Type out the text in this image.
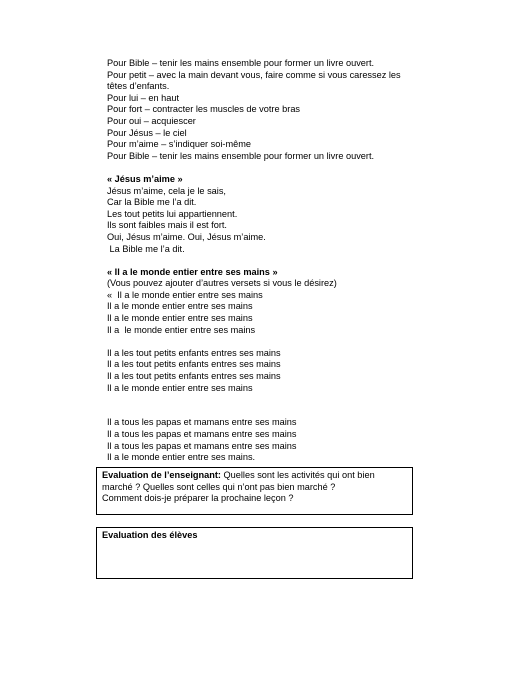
Pour Bible – tenir les mains ensemble pour former un livre ouvert.
Pour petit – avec la main devant vous, faire comme si vous caressez les têtes d’enfants.
Pour lui – en haut
Pour fort – contracter les muscles de votre bras
Pour oui – acquiescer
Pour Jésus – le ciel
Pour m’aime – s’indiquer soi-même
Pour Bible – tenir les mains ensemble pour former un livre ouvert.
« Jésus m’aime »
Jésus m’aime, cela je le sais,
Car la Bible me l’a dit.
Les tout petits lui appartiennent.
Ils sont faibles mais il est fort.
Oui, Jésus m’aime. Oui, Jésus m’aime.
La Bible me l’a dit.
« Il a le monde entier entre ses mains »
(Vous pouvez ajouter d’autres versets si vous le désirez)
«  Il a le monde entier entre ses mains
Il a le monde entier entre ses mains
Il a le monde entier entre ses mains
Il a  le monde entier entre ses mains
Il a les tout petits enfants entres ses mains
Il a les tout petits enfants entres ses mains
Il a les tout petits enfants entres ses mains
Il a le monde entier entre ses mains
Il a tous les papas et mamans entre ses mains
Il a tous les papas et mamans entre ses mains
Il a tous les papas et mamans entre ses mains
Il a le monde entier entre ses mains.
Evaluation de l’enseignant: Quelles sont les activités qui ont bien marché ? Quelles sont celles qui n’ont pas bien marché ?
Comment dois-je préparer la prochaine leçon ?
Evaluation des élèves
